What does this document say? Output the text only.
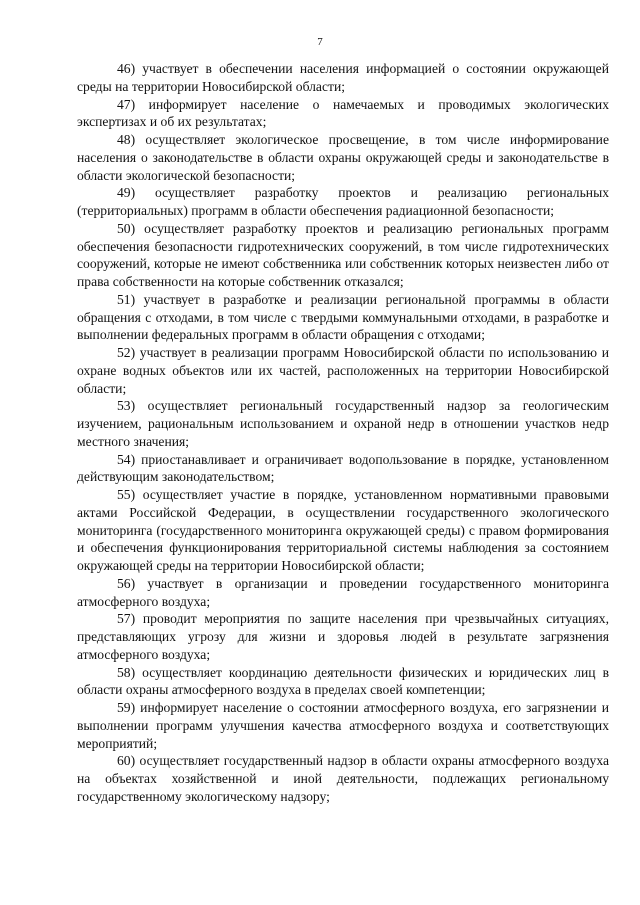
7

46) участвует в обеспечении населения информацией о состоянии окружающей среды на территории Новосибирской области;

47) информирует население о намечаемых и проводимых экологических экспертизах и об их результатах;

48) осуществляет экологическое просвещение, в том числе информирование населения о законодательстве в области охраны окружающей среды и законодательстве в области экологической безопасности;

49) осуществляет разработку проектов и реализацию региональных (территориальных) программ в области обеспечения радиационной безопасности;

50) осуществляет разработку проектов и реализацию региональных программ обеспечения безопасности гидротехнических сооружений, в том числе гидротехнических сооружений, которые не имеют собственника или собственник которых неизвестен либо от права собственности на которые собственник отказался;

51) участвует в разработке и реализации региональной программы в области обращения с отходами, в том числе с твердыми коммунальными отходами, в разработке и выполнении федеральных программ в области обращения с отходами;

52) участвует в реализации программ Новосибирской области по использованию и охране водных объектов или их частей, расположенных на территории Новосибирской области;

53) осуществляет региональный государственный надзор за геологическим изучением, рациональным использованием и охраной недр в отношении участков недр местного значения;

54) приостанавливает и ограничивает водопользование в порядке, установленном действующим законодательством;

55) осуществляет участие в порядке, установленном нормативными правовыми актами Российской Федерации, в осуществлении государственного экологического мониторинга (государственного мониторинга окружающей среды) с правом формирования и обеспечения функционирования территориальной системы наблюдения за состоянием окружающей среды на территории Новосибирской области;

56) участвует в организации и проведении государственного мониторинга атмосферного воздуха;

57) проводит мероприятия по защите населения при чрезвычайных ситуациях, представляющих угрозу для жизни и здоровья людей в результате загрязнения атмосферного воздуха;

58) осуществляет координацию деятельности физических и юридических лиц в области охраны атмосферного воздуха в пределах своей компетенции;

59) информирует население о состоянии атмосферного воздуха, его загрязнении и выполнении программ улучшения качества атмосферного воздуха и соответствующих мероприятий;

60) осуществляет государственный надзор в области охраны атмосферного воздуха на объектах хозяйственной и иной деятельности, подлежащих региональному государственному экологическому надзору;
